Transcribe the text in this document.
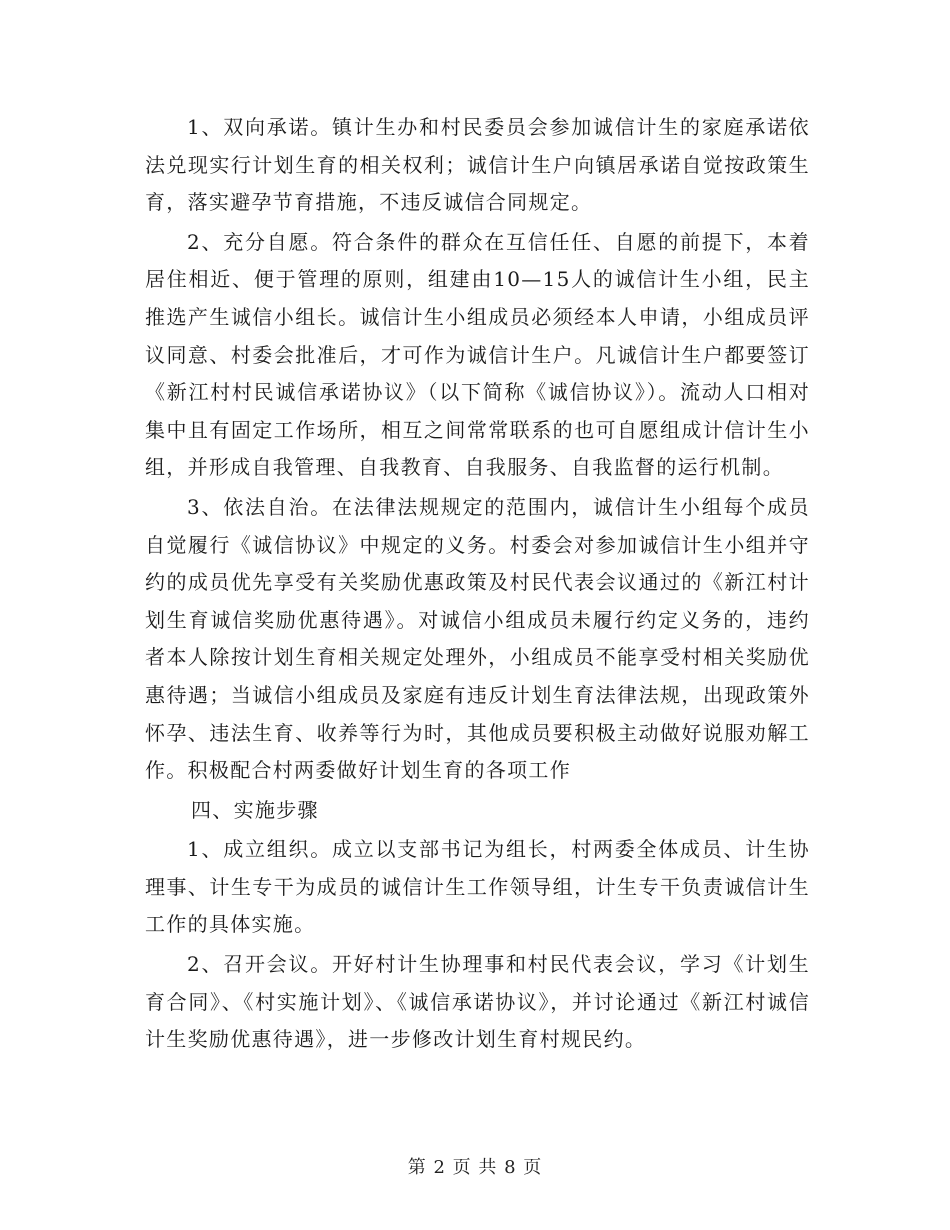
1、双向承诺。镇计生办和村民委员会参加诚信计生的家庭承诺依法兑现实行计划生育的相关权利；诚信计生户向镇居承诺自觉按政策生育，落实避孕节育措施，不违反诚信合同规定。

2、充分自愿。符合条件的群众在互信任任、自愿的前提下，本着居住相近、便于管理的原则，组建由10—15人的诚信计生小组，民主推选产生诚信小组长。诚信计生小组成员必须经本人申请，小组成员评议同意、村委会批准后，才可作为诚信计生户。凡诚信计生户都要签订《新江村村民诚信承诺协议》（以下简称《诚信协议》）。流动人口相对集中且有固定工作场所，相互之间常常联系的也可自愿组成计信计生小组，并形成自我管理、自我教育、自我服务、自我监督的运行机制。

3、依法自治。在法律法规规定的范围内，诚信计生小组每个成员自觉履行《诚信协议》中规定的义务。村委会对参加诚信计生小组并守约的成员优先享受有关奖励优惠政策及村民代表会议通过的《新江村计划生育诚信奖励优惠待遇》。对诚信小组成员未履行约定义务的，违约者本人除按计划生育相关规定处理外，小组成员不能享受村相关奖励优惠待遇；当诚信小组成员及家庭有违反计划生育法律法规，出现政策外怀孕、违法生育、收养等行为时，其他成员要积极主动做好说服劝解工作。积极配合村两委做好计划生育的各项工作

四、实施步骤

1、成立组织。成立以支部书记为组长，村两委全体成员、计生协理事、计生专干为成员的诚信计生工作领导组，计生专干负责诚信计生工作的具体实施。

2、召开会议。开好村计生协理事和村民代表会议，学习《计划生育合同》、《村实施计划》、《诚信承诺协议》，并讨论通过《新江村诚信计生奖励优惠待遇》，进一步修改计划生育村规民约。

第 2 页 共 8 页
